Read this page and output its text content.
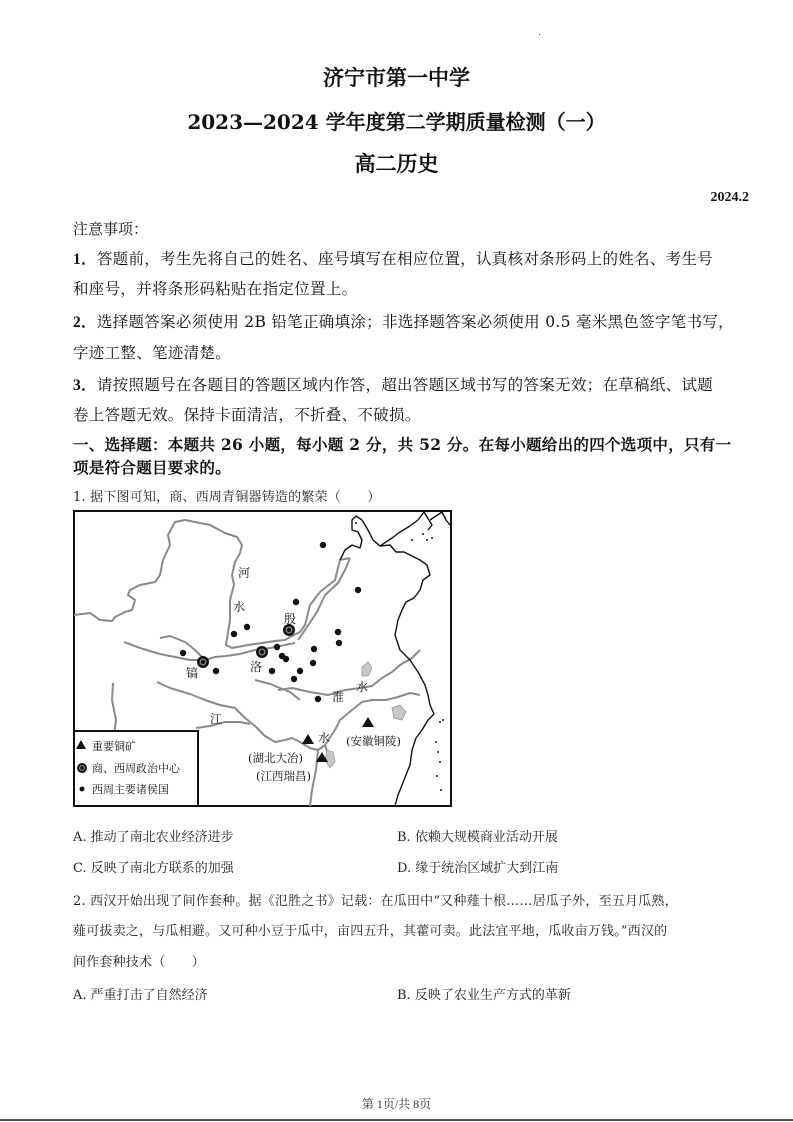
济宁市第一中学
2023—2024 学年度第二学期质量检测（一）
高二历史
2024.2
注意事项：
1．答题前，考生先将自己的姓名、座号填写在相应位置，认真核对条形码上的姓名、考生号
和座号，并将条形码粘贴在指定位置上。
2．选择题答案必须使用 2B 铅笔正确填涂；非选择题答案必须使用 0.5 毫米黑色签字笔书写，
字迹工整、笔迹清楚。
3．请按照题号在各题目的答题区域内作答，超出答题区域书写的答案无效；在草稿纸、试题
卷上答题无效。保持卡面清洁，不折叠、不破损。
一、选择题：本题共 26 小题，每小题 2 分，共 52 分。在每小题给出的四个选项中，只有一
项是符合题目要求的。
1. 据下图可知，商、西周青铜器铸造的繁荣（　　）
河
水
殷
洛
镐
淮
水
江
水
(湖北大冶)
(江西瑞昌)
(安徽铜陵)
重要铜矿
商、西周政治中心
西周主要诸侯国
A. 推动了南北农业经济进步	B. 依赖大规模商业活动开展
C. 反映了南北方联系的加强	D. 缘于统治区域扩大到江南
2. 西汉开始出现了间作套种。据《氾胜之书》记载：在瓜田中“又种薤十根……居瓜子外，至五月瓜熟，
薤可拔卖之，与瓜相避。又可种小豆于瓜中，亩四五升，其藿可卖。此法宜平地，瓜收亩万钱。”西汉的
间作套种技术（　　）
A. 严重打击了自然经济	B. 反映了农业生产方式的革新
第 1页/共 8页
